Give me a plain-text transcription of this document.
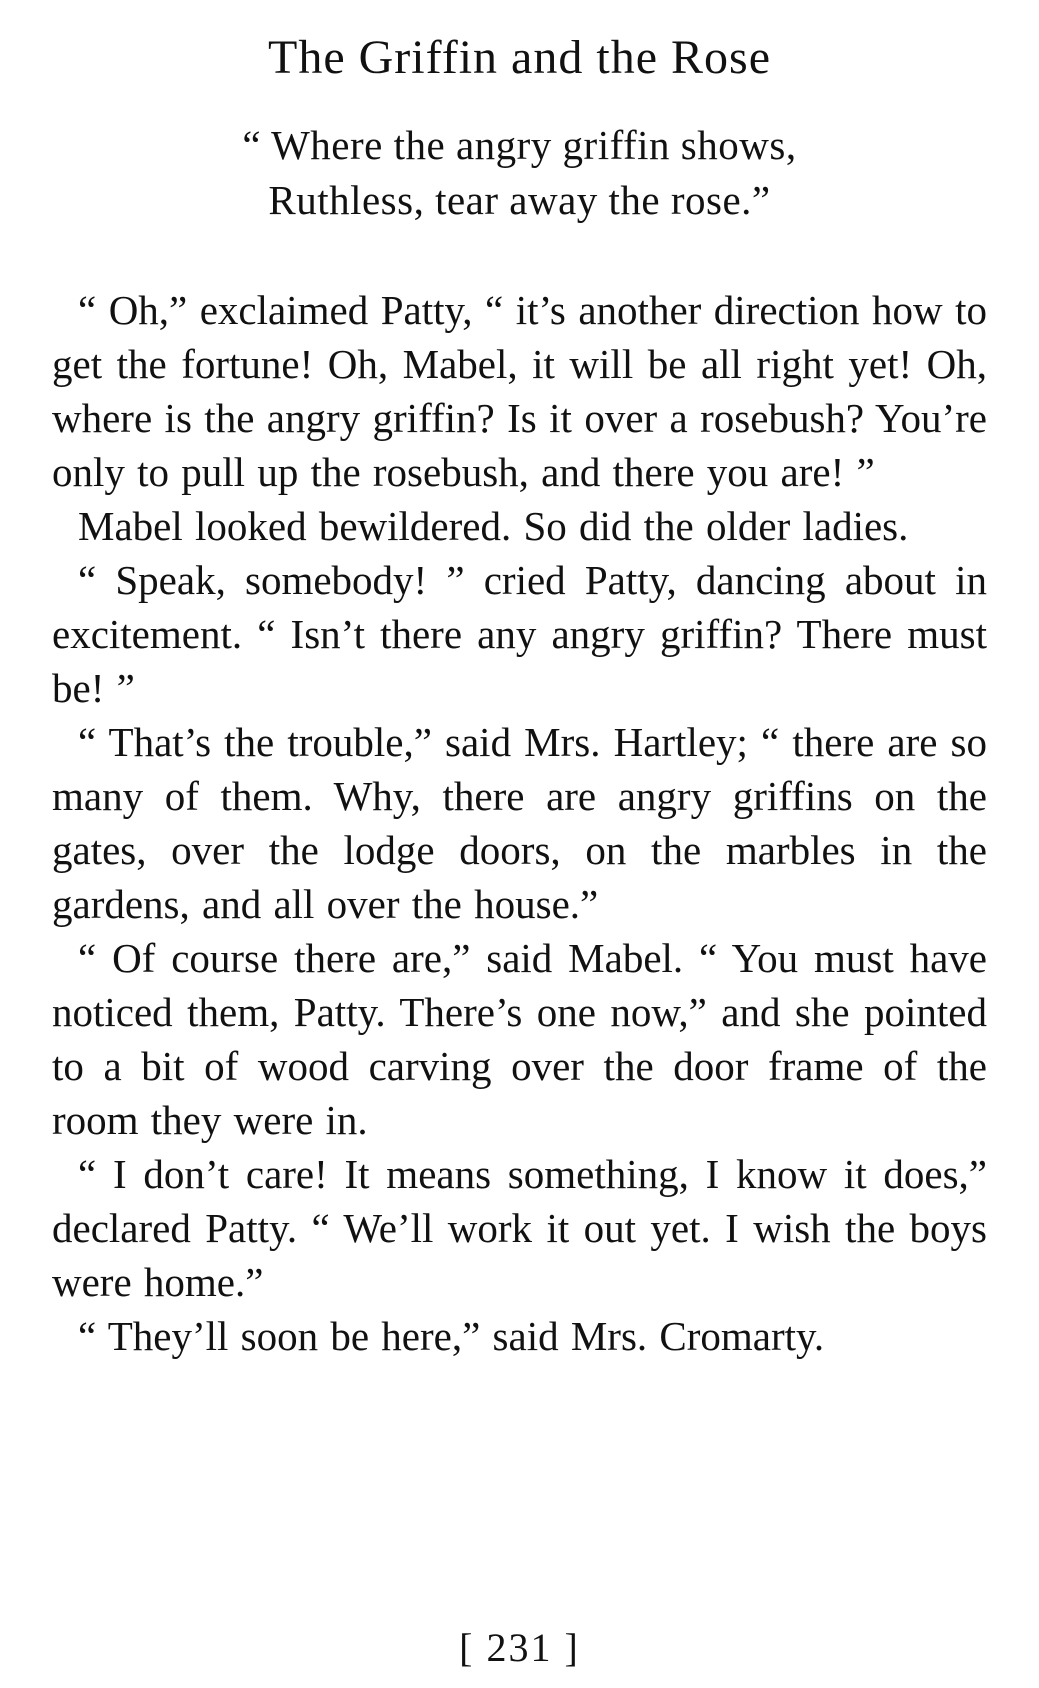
The Griffin and the Rose
“ Where the angry griffin shows,
Ruthless, tear away the rose.”

“ Oh,” exclaimed Patty, “ it’s another direction how to get the fortune! Oh, Mabel, it will be all right yet! Oh, where is the angry griffin? Is it over a rosebush? You’re only to pull up the rosebush, and there you are! ”

Mabel looked bewildered. So did the older ladies.

“ Speak, somebody! ” cried Patty, dancing about in excitement. “ Isn’t there any angry griffin? There must be! ”

“ That’s the trouble,” said Mrs. Hartley; “ there are so many of them. Why, there are angry griffins on the gates, over the lodge doors, on the marbles in the gardens, and all over the house.”

“ Of course there are,” said Mabel. “ You must have noticed them, Patty. There’s one now,” and she pointed to a bit of wood carving over the door frame of the room they were in.

“ I don’t care! It means something, I know it does,” declared Patty. “ We’ll work it out yet. I wish the boys were home.”

“ They’ll soon be here,” said Mrs. Cromarty.

[ 231 ]
